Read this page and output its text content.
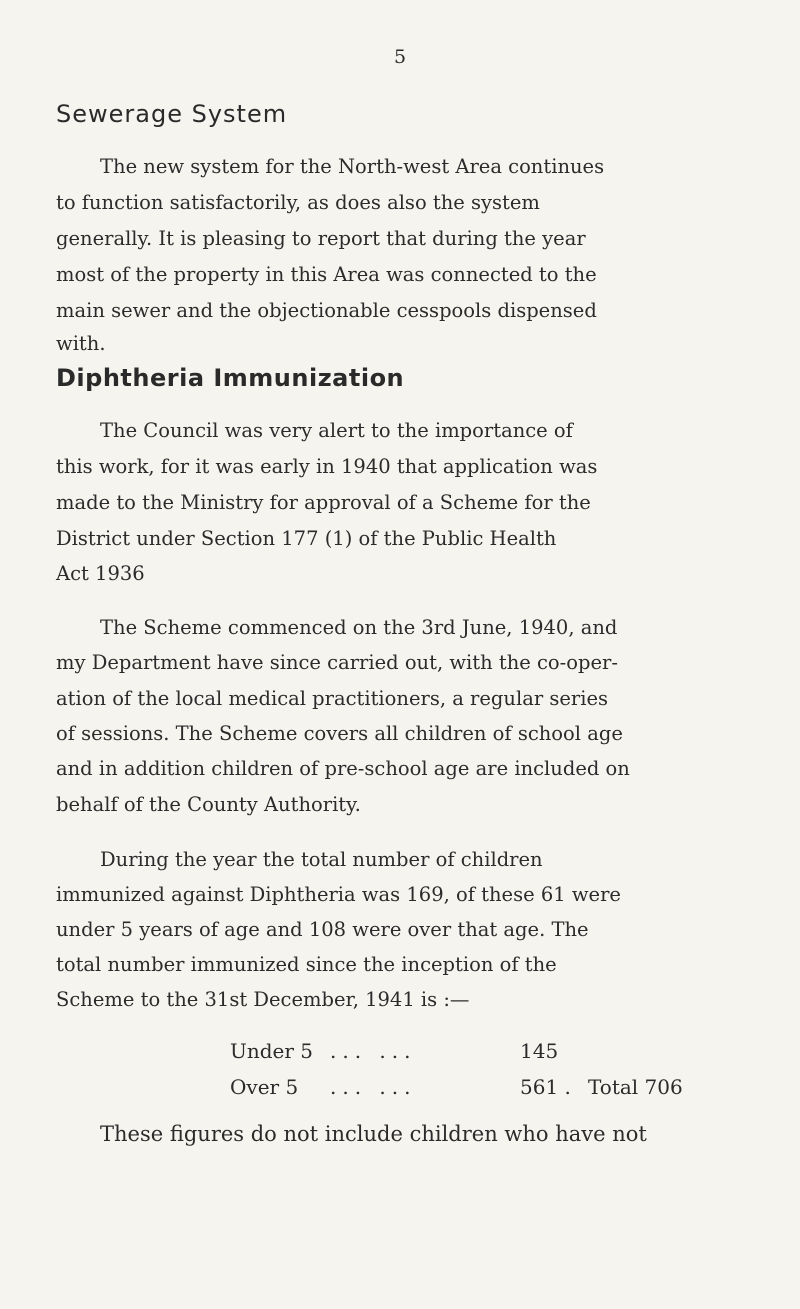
5
Sewerage System
The new system for the North-west Area continues
to function satisfactorily, as does also the system
generally. It is pleasing to report that during the year
most of the property in this Area was connected to the
main sewer and the objectionable cesspools dispensed
with.
Diphtheria Immunization
The Council was very alert to the importance of
this work, for it was early in 1940 that application was
made to the Ministry for approval of a Scheme for the
District under Section 177 (1) of the Public Health
Act 1936
The Scheme commenced on the 3rd June, 1940, and
my Department have since carried out, with the co-oper-
ation of the local medical practitioners, a regular series
of sessions. The Scheme covers all children of school age
and in addition children of pre-school age are included on
behalf of the County Authority.
During the year the total number of children
immunized against Diphtheria was 169, of these 61 were
under 5 years of age and 108 were over that age. The
total number immunized since the inception of the
Scheme to the 31st December, 1941 is :—
Under 5 ... ...	145
Over 5 ... ...	561 . Total 706
These figures do not include children who have not
